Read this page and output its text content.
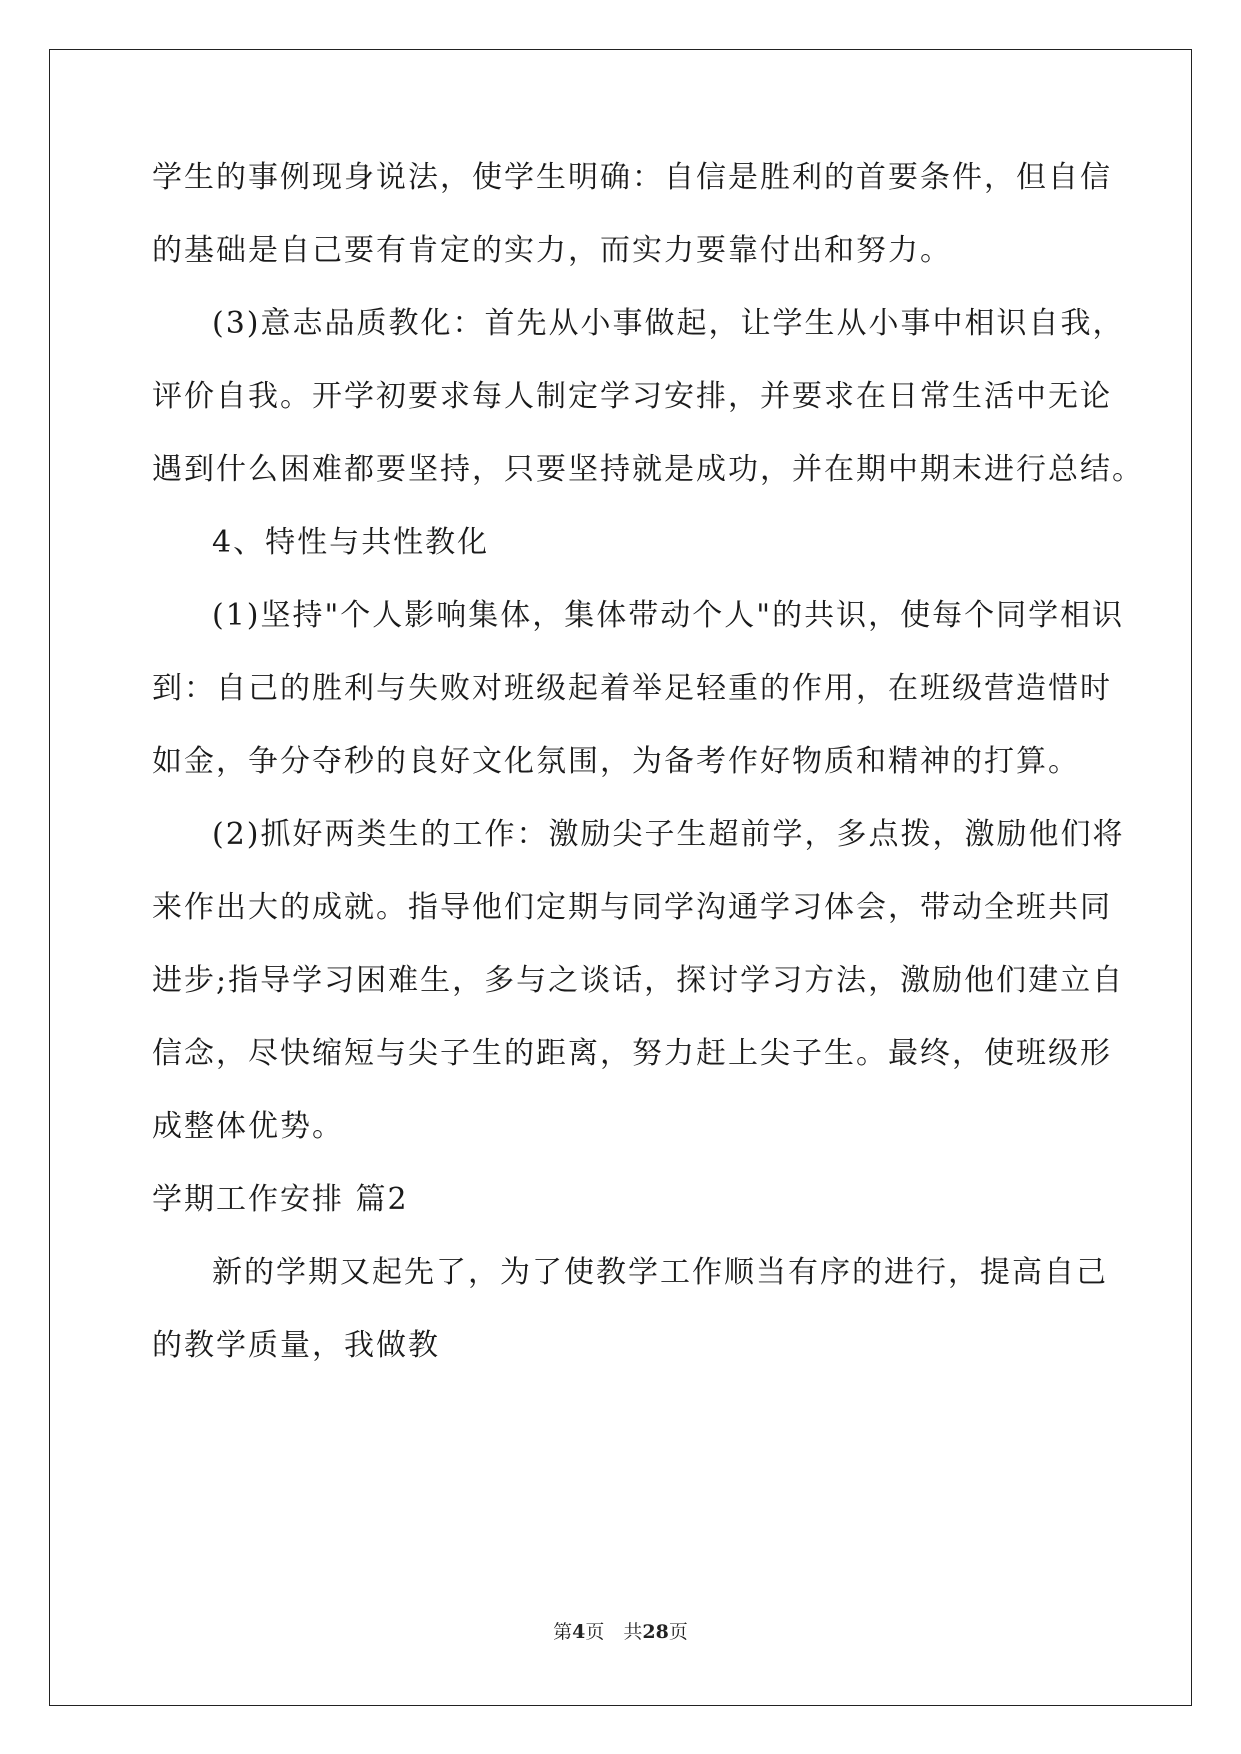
学生的事例现身说法，使学生明确：自信是胜利的首要条件，但自信
的基础是自己要有肯定的实力，而实力要靠付出和努力。
(3)意志品质教化：首先从小事做起，让学生从小事中相识自我，
评价自我。开学初要求每人制定学习安排，并要求在日常生活中无论
遇到什么困难都要坚持，只要坚持就是成功，并在期中期末进行总结。
4、特性与共性教化
(1)坚持"个人影响集体，集体带动个人"的共识，使每个同学相识
到：自己的胜利与失败对班级起着举足轻重的作用，在班级营造惜时
如金，争分夺秒的良好文化氛围，为备考作好物质和精神的打算。
(2)抓好两类生的工作：激励尖子生超前学，多点拨，激励他们将
来作出大的成就。指导他们定期与同学沟通学习体会，带动全班共同
进步;指导学习困难生，多与之谈话，探讨学习方法，激励他们建立自
信念，尽快缩短与尖子生的距离，努力赶上尖子生。最终，使班级形
成整体优势。
学期工作安排 篇2
新的学期又起先了，为了使教学工作顺当有序的进行，提高自己
的教学质量，我做教
第4页　共28页
